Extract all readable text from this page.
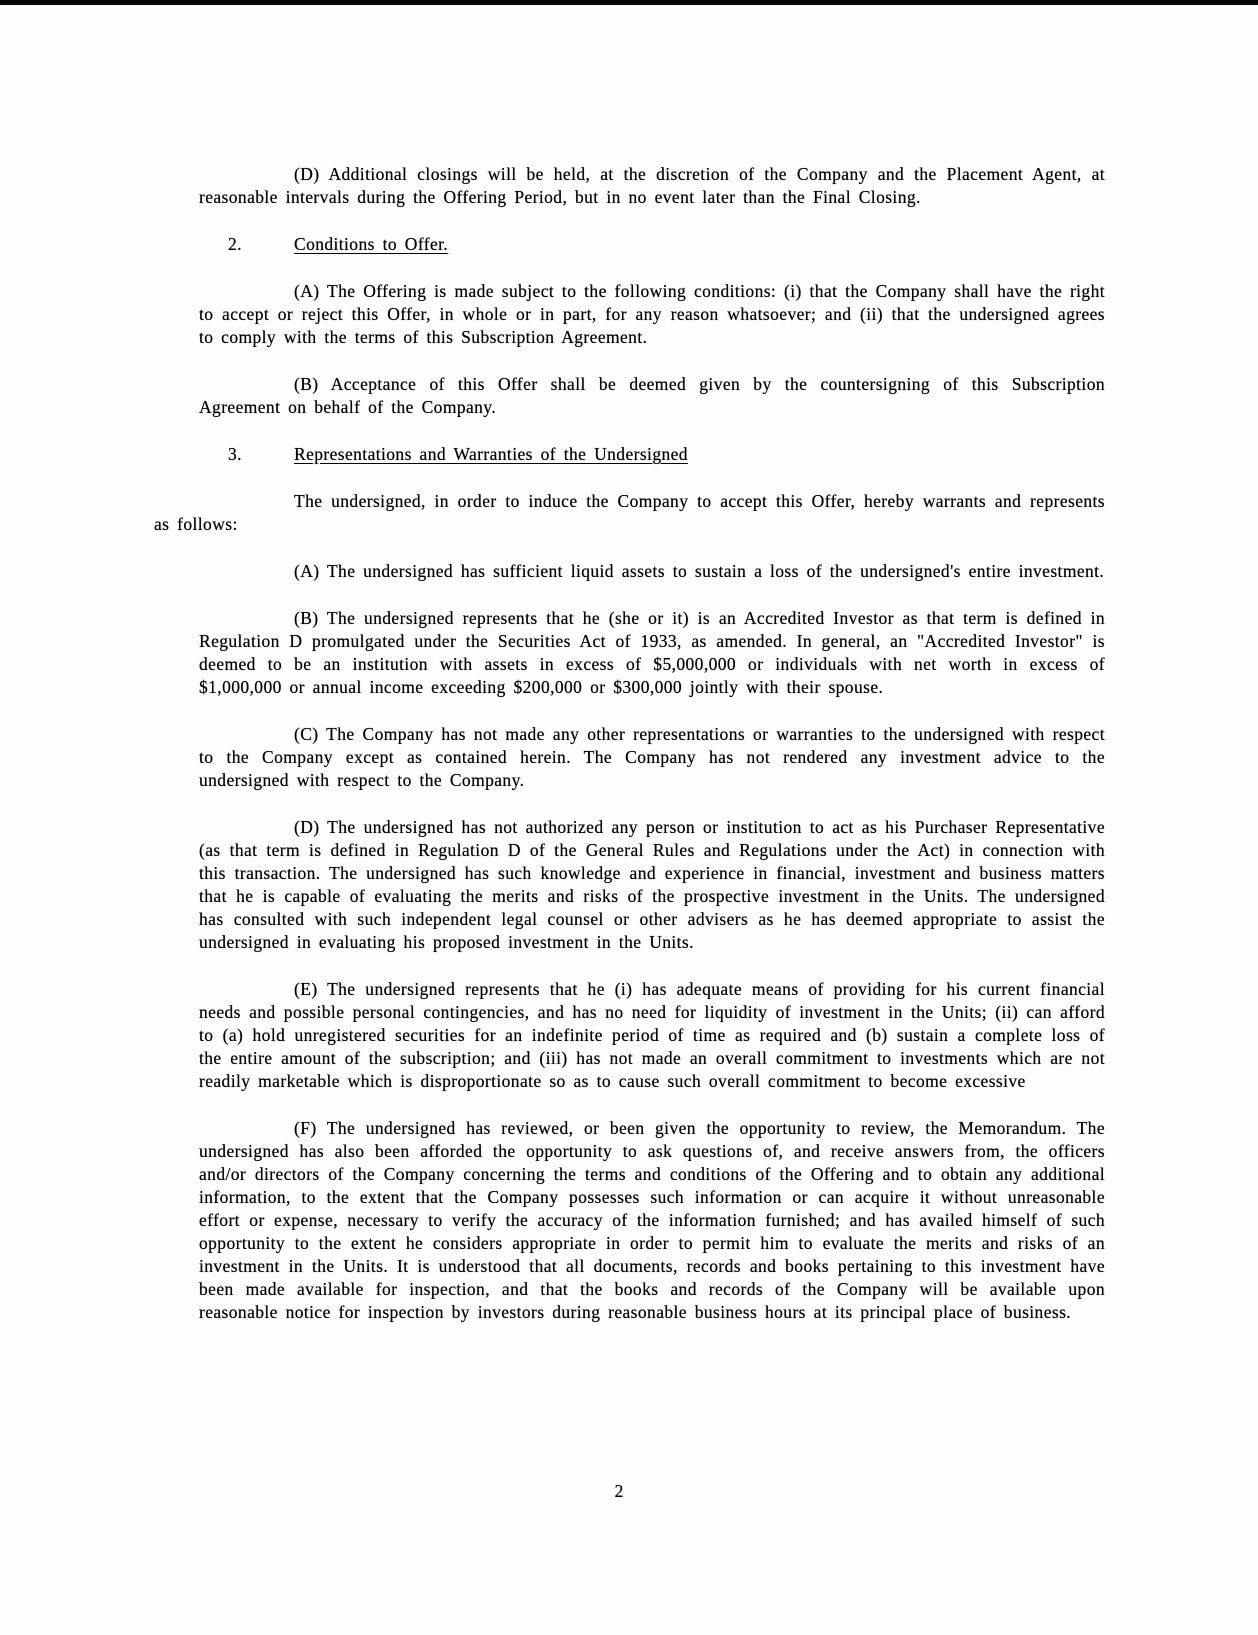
(D) Additional closings will be held, at the discretion of the Company and the Placement Agent, at reasonable intervals during the Offering Period, but in no event later than the Final Closing.

2.	Conditions to Offer.

(A) The Offering is made subject to the following conditions: (i) that the Company shall have the right to accept or reject this Offer, in whole or in part, for any reason whatsoever; and (ii) that the undersigned agrees to comply with the terms of this Subscription Agreement.

(B) Acceptance of this Offer shall be deemed given by the countersigning of this Subscription Agreement on behalf of the Company.

3.	Representations and Warranties of the Undersigned

The undersigned, in order to induce the Company to accept this Offer, hereby warrants and represents as follows:

(A) The undersigned has sufficient liquid assets to sustain a loss of the undersigned's entire investment.

(B) The undersigned represents that he (she or it) is an Accredited Investor as that term is defined in Regulation D promulgated under the Securities Act of 1933, as amended. In general, an "Accredited Investor" is deemed to be an institution with assets in excess of $5,000,000 or individuals with net worth in excess of $1,000,000 or annual income exceeding $200,000 or $300,000 jointly with their spouse.

(C) The Company has not made any other representations or warranties to the undersigned with respect to the Company except as contained herein. The Company has not rendered any investment advice to the undersigned with respect to the Company.

(D) The undersigned has not authorized any person or institution to act as his Purchaser Representative (as that term is defined in Regulation D of the General Rules and Regulations under the Act) in connection with this transaction. The undersigned has such knowledge and experience in financial, investment and business matters that he is capable of evaluating the merits and risks of the prospective investment in the Units. The undersigned has consulted with such independent legal counsel or other advisers as he has deemed appropriate to assist the undersigned in evaluating his proposed investment in the Units.

(E) The undersigned represents that he (i) has adequate means of providing for his current financial needs and possible personal contingencies, and has no need for liquidity of investment in the Units; (ii) can afford to (a) hold unregistered securities for an indefinite period of time as required and (b) sustain a complete loss of the entire amount of the subscription; and (iii) has not made an overall commitment to investments which are not readily marketable which is disproportionate so as to cause such overall commitment to become excessive

(F) The undersigned has reviewed, or been given the opportunity to review, the Memorandum. The undersigned has also been afforded the opportunity to ask questions of, and receive answers from, the officers and/or directors of the Company concerning the terms and conditions of the Offering and to obtain any additional information, to the extent that the Company possesses such information or can acquire it without unreasonable effort or expense, necessary to verify the accuracy of the information furnished; and has availed himself of such opportunity to the extent he considers appropriate in order to permit him to evaluate the merits and risks of an investment in the Units. It is understood that all documents, records and books pertaining to this investment have been made available for inspection, and that the books and records of the Company will be available upon reasonable notice for inspection by investors during reasonable business hours at its principal place of business.

2
